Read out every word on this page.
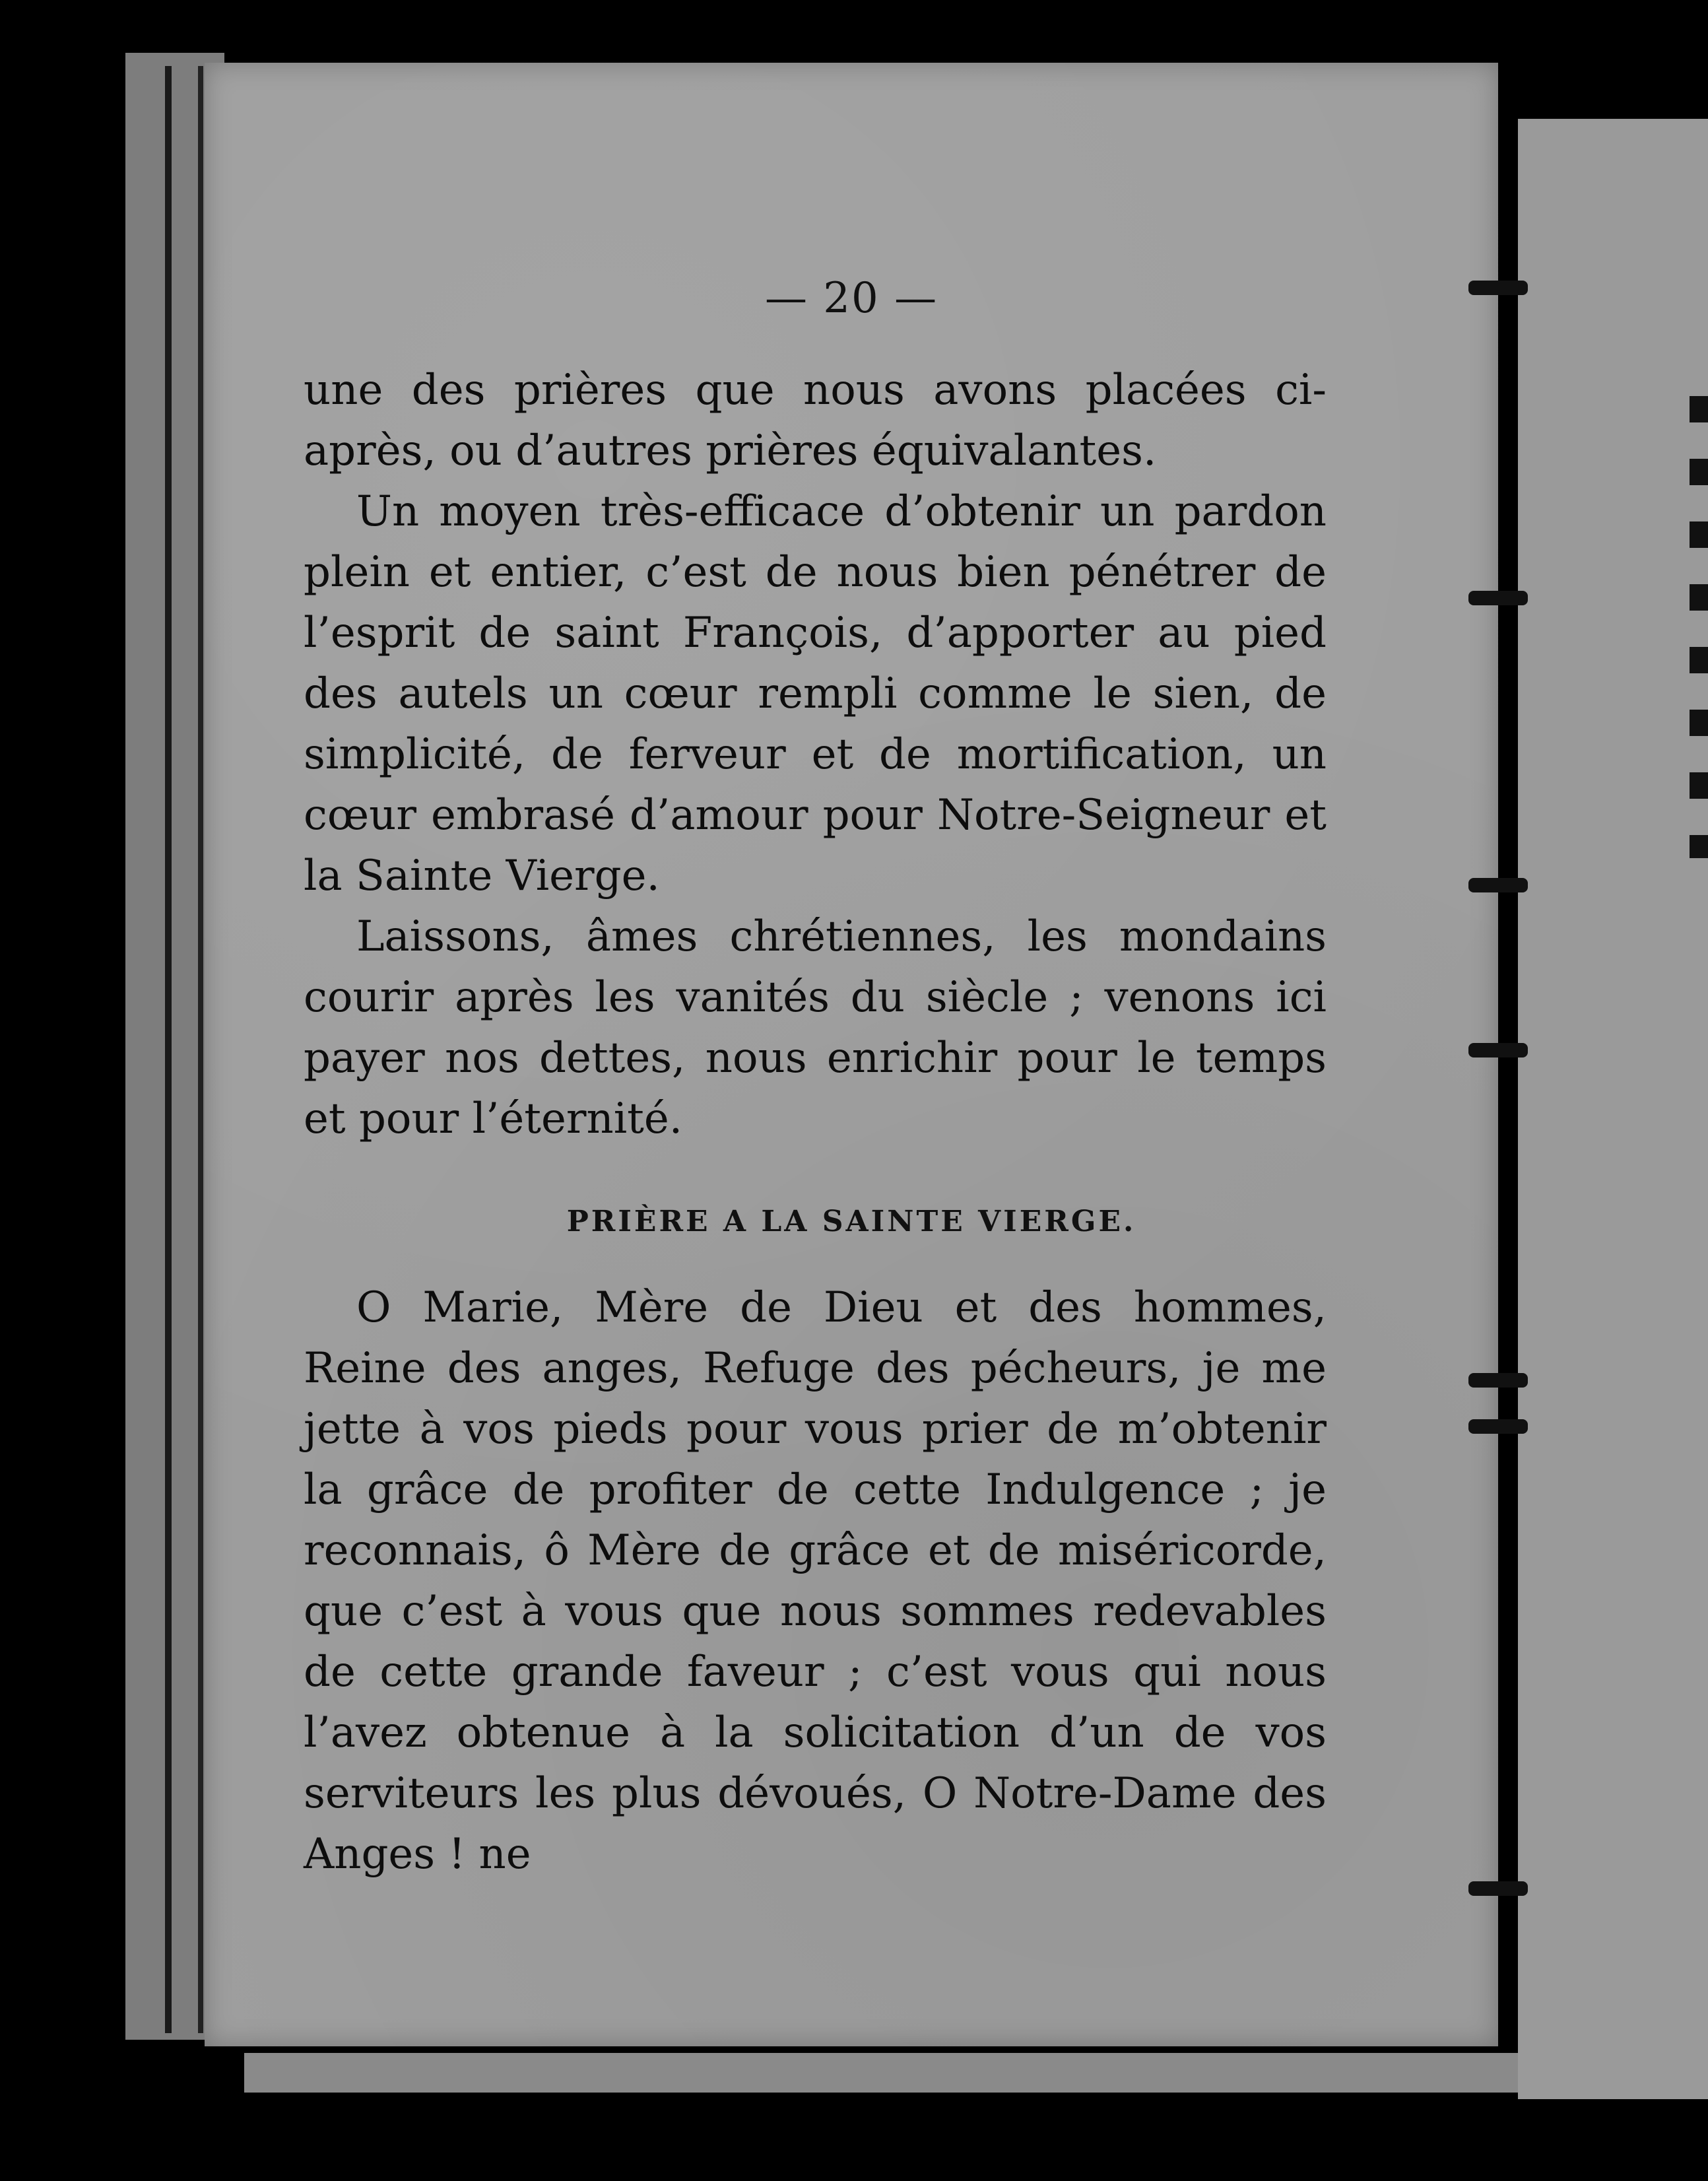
— 20 —

une des prières que nous avons placées ci-après, ou d’autres prières équivalantes.

Un moyen très-efficace d’obtenir un pardon plein et entier, c’est de nous bien pénétrer de l’esprit de saint François, d’apporter au pied des autels un cœur rempli comme le sien, de simplicité, de ferveur et de mortification, un cœur embrasé d’amour pour Notre-Seigneur et la Sainte Vierge.

Laissons, âmes chrétiennes, les mondains courir après les vanités du siècle ; venons ici payer nos dettes, nous enrichir pour le temps et pour l’éternité.

PRIÈRE A LA SAINTE VIERGE.

O Marie, Mère de Dieu et des hommes, Reine des anges, Refuge des pécheurs, je me jette à vos pieds pour vous prier de m’obtenir la grâce de profiter de cette Indulgence ; je reconnais, ô Mère de grâce et de miséricorde, que c’est à vous que nous sommes redevables de cette grande faveur ; c’est vous qui nous l’avez obtenue à la solicitation d’un de vos serviteurs les plus dévoués, O Notre-Dame des Anges ! ne
